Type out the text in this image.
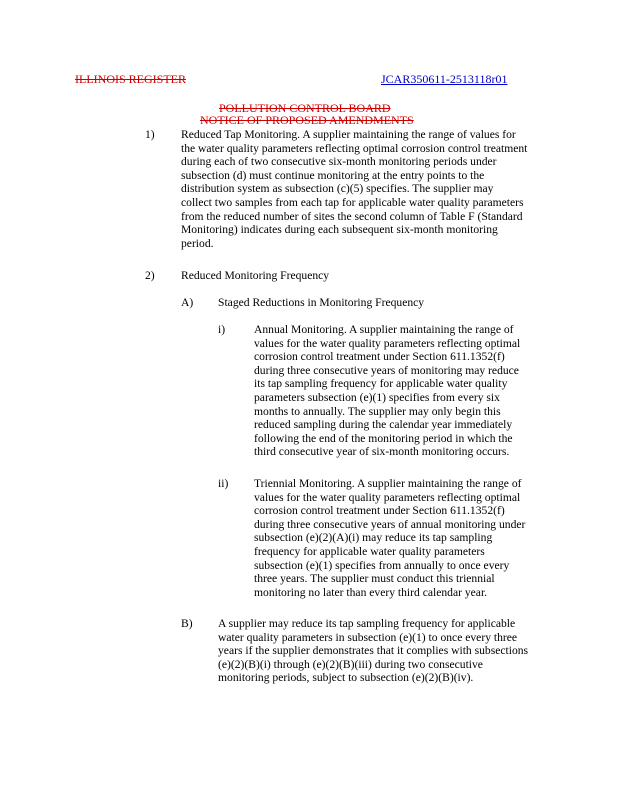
ILLINOIS REGISTER	JCAR350611-2513118r01
POLLUTION CONTROL BOARD
NOTICE OF PROPOSED AMENDMENTS
1) Reduced Tap Monitoring. A supplier maintaining the range of values for
the water quality parameters reflecting optimal corrosion control treatment
during each of two consecutive six-month monitoring periods under
subsection (d) must continue monitoring at the entry points to the
distribution system as subsection (c)(5) specifies. The supplier may
collect two samples from each tap for applicable water quality parameters
from the reduced number of sites the second column of Table F (Standard
Monitoring) indicates during each subsequent six-month monitoring
period.
2) Reduced Monitoring Frequency
A) Staged Reductions in Monitoring Frequency
i) Annual Monitoring. A supplier maintaining the range of
values for the water quality parameters reflecting optimal
corrosion control treatment under Section 611.1352(f)
during three consecutive years of monitoring may reduce
its tap sampling frequency for applicable water quality
parameters subsection (e)(1) specifies from every six
months to annually. The supplier may only begin this
reduced sampling during the calendar year immediately
following the end of the monitoring period in which the
third consecutive year of six-month monitoring occurs.
ii) Triennial Monitoring. A supplier maintaining the range of
values for the water quality parameters reflecting optimal
corrosion control treatment under Section 611.1352(f)
during three consecutive years of annual monitoring under
subsection (e)(2)(A)(i) may reduce its tap sampling
frequency for applicable water quality parameters
subsection (e)(1) specifies from annually to once every
three years. The supplier must conduct this triennial
monitoring no later than every third calendar year.
B) A supplier may reduce its tap sampling frequency for applicable
water quality parameters in subsection (e)(1) to once every three
years if the supplier demonstrates that it complies with subsections
(e)(2)(B)(i) through (e)(2)(B)(iii) during two consecutive
monitoring periods, subject to subsection (e)(2)(B)(iv).
